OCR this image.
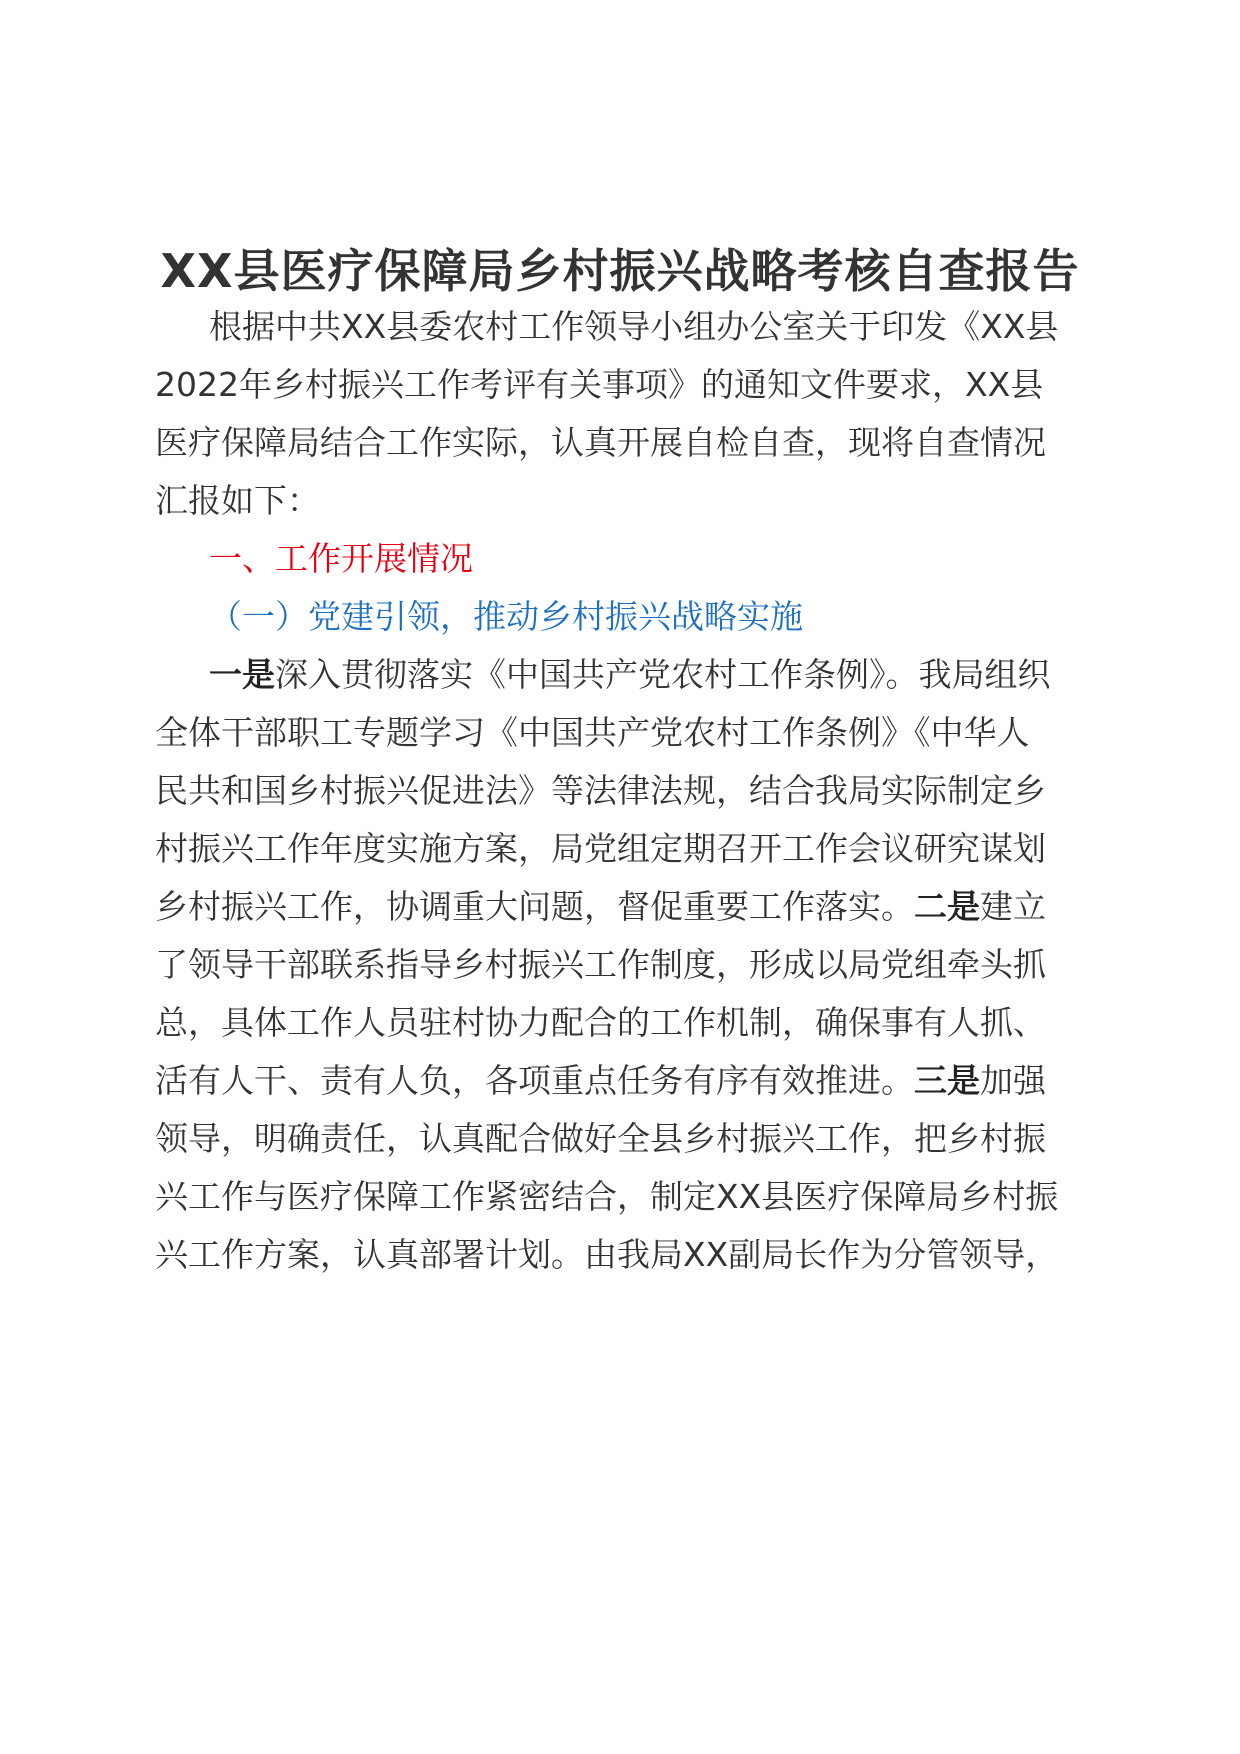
XX县医疗保障局乡村振兴战略考核自查报告

根据中共XX县委农村工作领导小组办公室关于印发《XX县

2022年乡村振兴工作考评有关事项》的通知文件要求，XX县

医疗保障局结合工作实际，认真开展自检自查，现将自查情况

汇报如下：

一、工作开展情况

（一）党建引领，推动乡村振兴战略实施

一是深入贯彻落实《中国共产党农村工作条例》。我局组织

全体干部职工专题学习《中国共产党农村工作条例》《中华人

民共和国乡村振兴促进法》等法律法规，结合我局实际制定乡

村振兴工作年度实施方案，局党组定期召开工作会议研究谋划

乡村振兴工作，协调重大问题，督促重要工作落实。二是建立

了领导干部联系指导乡村振兴工作制度，形成以局党组牵头抓

总，具体工作人员驻村协力配合的工作机制，确保事有人抓、

活有人干、责有人负，各项重点任务有序有效推进。三是加强

领导，明确责任，认真配合做好全县乡村振兴工作，把乡村振

兴工作与医疗保障工作紧密结合，制定XX县医疗保障局乡村振

兴工作方案，认真部署计划。由我局XX副局长作为分管领导，
